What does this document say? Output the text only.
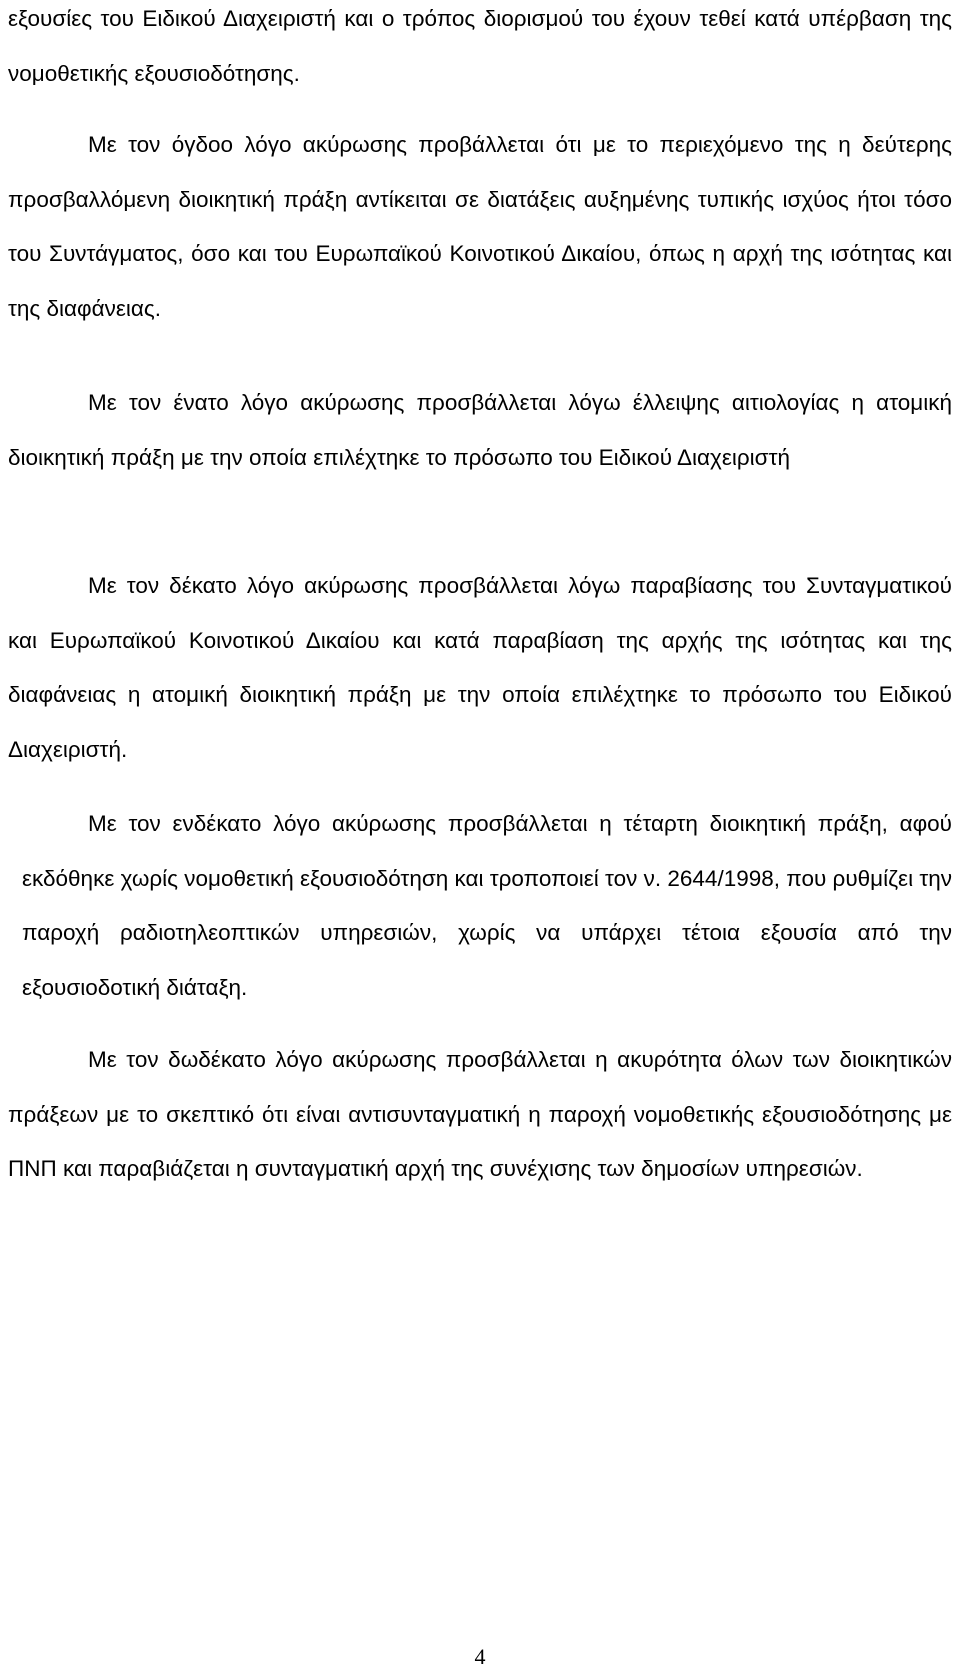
εξουσίες του Ειδικού Διαχειριστή και ο τρόπος διορισμού του έχουν τεθεί κατά υπέρβαση της νομοθετικής εξουσιοδότησης.

Με τον όγδοο λόγο ακύρωσης προβάλλεται ότι με το περιεχόμενο της η δεύτερης προσβαλλόμενη διοικητική πράξη αντίκειται σε διατάξεις αυξημένης τυπικής ισχύος ήτοι τόσο του Συντάγματος, όσο και του Ευρωπαϊκού Κοινοτικού Δικαίου, όπως η αρχή της ισότητας και της διαφάνειας.

Με τον ένατο λόγο ακύρωσης προσβάλλεται λόγω έλλειψης αιτιολογίας η ατομική διοικητική πράξη με την οποία επιλέχτηκε το πρόσωπο του Ειδικού Διαχειριστή

Με τον δέκατο λόγο ακύρωσης προσβάλλεται λόγω παραβίασης του Συνταγματικού και Ευρωπαϊκού Κοινοτικού Δικαίου και κατά παραβίαση της αρχής της ισότητας και της διαφάνειας η ατομική διοικητική πράξη με την οποία επιλέχτηκε το πρόσωπο του Ειδικού Διαχειριστή.

Με τον ενδέκατο λόγο ακύρωσης προσβάλλεται η τέταρτη διοικητική πράξη, αφού εκδόθηκε χωρίς νομοθετική εξουσιοδότηση και τροποποιεί τον ν. 2644/1998, που ρυθμίζει την παροχή ραδιοτηλεοπτικών υπηρεσιών, χωρίς να υπάρχει τέτοια εξουσία από την εξουσιοδοτική διάταξη.

Με τον δωδέκατο λόγο ακύρωσης προσβάλλεται η ακυρότητα όλων των διοικητικών πράξεων με το σκεπτικό ότι είναι αντισυνταγματική η παροχή νομοθετικής εξουσιοδότησης με ΠΝΠ και παραβιάζεται η συνταγματική αρχή της συνέχισης των δημοσίων υπηρεσιών.

4
